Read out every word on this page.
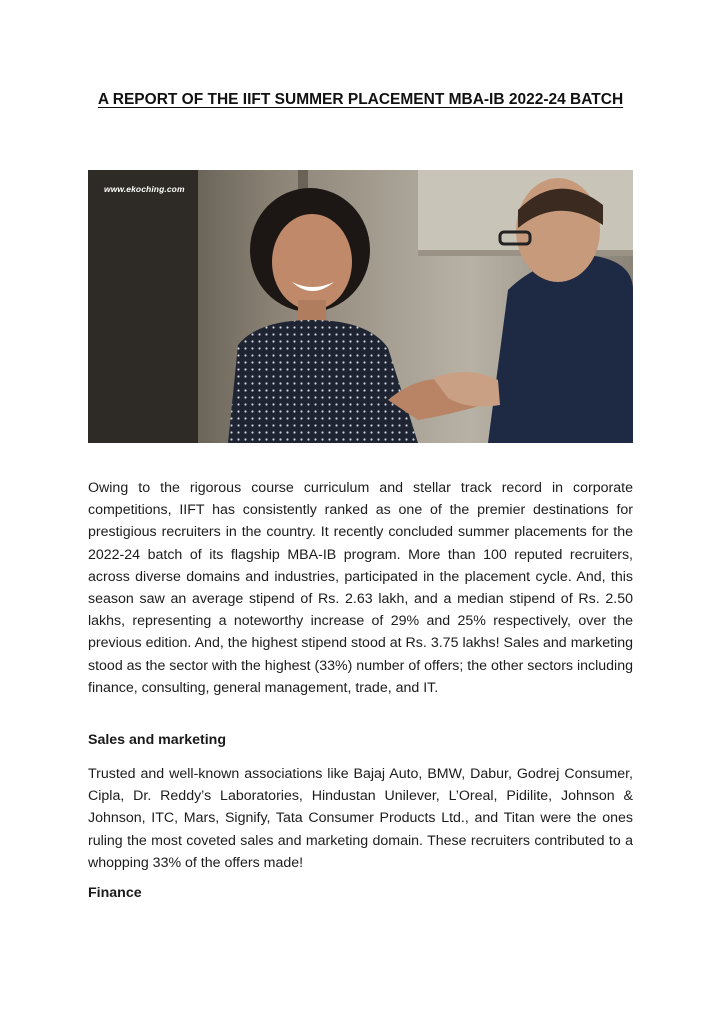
A REPORT OF THE IIFT SUMMER PLACEMENT MBA-IB 2022-24 BATCH
www.ekoching.com
Owing to the rigorous course curriculum and stellar track record in corporate competitions, IIFT has consistently ranked as one of the premier destinations for prestigious recruiters in the country. It recently concluded summer placements for the 2022-24 batch of its flagship MBA-IB program. More than 100 reputed recruiters, across diverse domains and industries, participated in the placement cycle. And, this season saw an average stipend of Rs. 2.63 lakh, and a median stipend of Rs. 2.50 lakhs, representing a noteworthy increase of 29% and 25% respectively, over the previous edition. And, the highest stipend stood at Rs. 3.75 lakhs! Sales and marketing stood as the sector with the highest (33%) number of offers; the other sectors including finance, consulting, general management, trade, and IT.
Sales and marketing
Trusted and well-known associations like Bajaj Auto, BMW, Dabur, Godrej Consumer, Cipla, Dr. Reddy’s Laboratories, Hindustan Unilever, L’Oreal, Pidilite, Johnson & Johnson, ITC, Mars, Signify, Tata Consumer Products Ltd., and Titan were the ones ruling the most coveted sales and marketing domain. These recruiters contributed to a whopping 33% of the offers made!
Finance
